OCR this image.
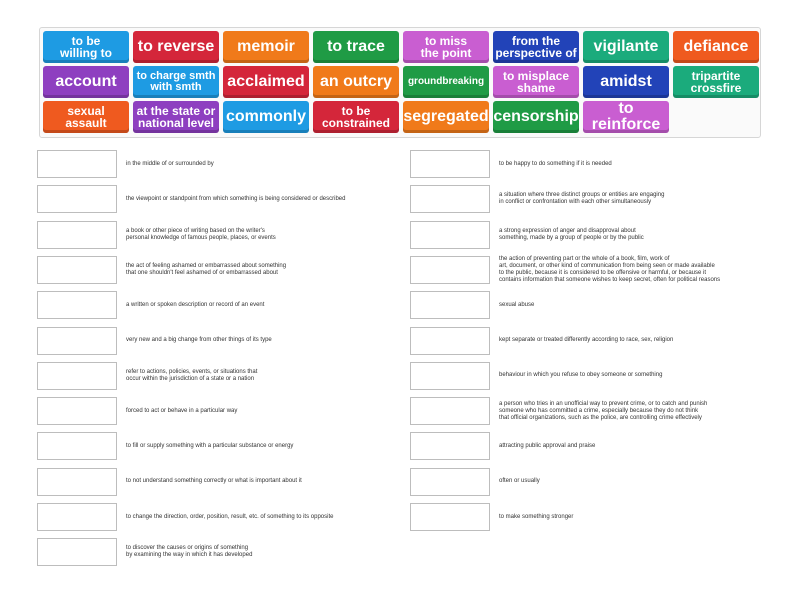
to be
willing to to reverse memoir to trace	to miss
the point
from the
perspective of vigilante defiance
account to charge smth
with smth	acclaimed an outcry groundbreaking to misplace
shame	amidst	tripartite
crossfire
sexual
assault
at the state or
national level commonly	to be
constrained segregated censorship	to reinforce
in the middle of or surrounded by
the viewpoint or standpoint from which something is being considered or described
a book or other piece of writing based on the writer's
personal knowledge of famous people, places, or events
the act of feeling ashamed or embarrassed about something
that one shouldn't feel ashamed of or embarrassed about
a written or spoken description or record of an event
very new and a big change from other things of its type
refer to actions, policies, events, or situations that
occur within the jurisdiction of a state or a nation
forced to act or behave in a particular way
to fill or supply something with a particular substance or energy
to not understand something correctly or what is important about it
to change the direction, order, position, result, etc. of something to its opposite
to discover the causes or origins of something
by examining the way in which it has developed
to be happy to do something if it is needed
a situation where three distinct groups or entities are engaging
in conflict or confrontation with each other simultaneously
a strong expression of anger and disapproval about
something, made by a group of people or by the public
the action of preventing part or the whole of a book, film, work of
art, document, or other kind of communication from being seen or made available
to the public, because it is considered to be offensive or harmful, or because it
contains information that someone wishes to keep secret, often for political reasons
sexual abuse
kept separate or treated differently according to race, sex, religion
behaviour in which you refuse to obey someone or something
a person who tries in an unofficial way to prevent crime, or to catch and punish
someone who has committed a crime, especially because they do not think
that official organizations, such as the police, are controlling crime effectively
attracting public approval and praise
often or usually
to make something stronger
